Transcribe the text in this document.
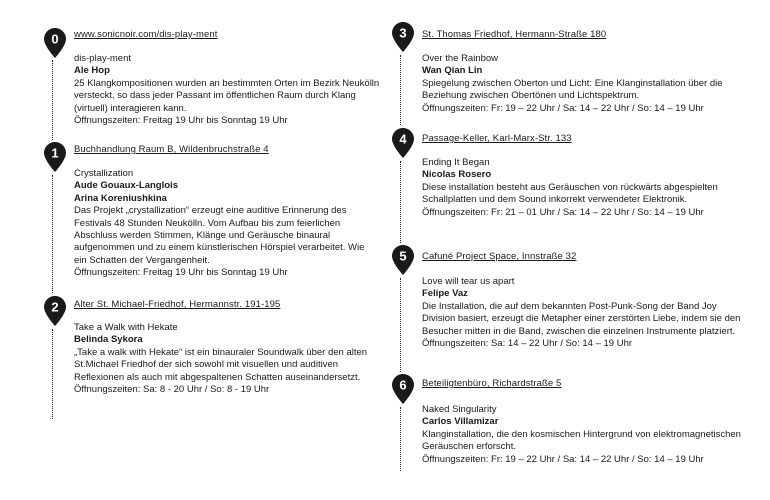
0 www.sonicnoir.com/dis-play-ment

dis-play-ment

Ale Hop

25 Klangkompositionen wurden an bestimmten Orten im Bezirk Neukölln versteckt, so dass jeder Passant im öffentlichen Raum durch Klang (virtuell) interagieren kann.

Öffnungszeiten: Freitag 19 Uhr bis Sonntag 19 Uhr

1 Buchhandlung Raum B, Wildenbruchstraße 4

Crystallization

Aude Gouaux-Langlois

Arina Koreniushkina

Das Projekt „crystallization“ erzeugt eine auditive Erinnerung des Festivals 48 Stunden Neukölln. Vom Aufbau bis zum feierlichen Abschluss werden Stimmen, Klänge und Geräusche binaural aufgenommen und zu einem künstlerischen Hörspiel verarbeitet. Wie ein Schatten der Vergangenheit.

Öffnungszeiten: Freitag 19 Uhr bis Sonntag 19 Uhr

2 Alter St. Michael-Friedhof, Hermannstr. 191-195

Take a Walk with Hekate

Belinda Sykora

„Take a walk with Hekate“ ist ein binauraler Soundwalk über den alten St.Michael Friedhof der sich sowohl mit visuellen und auditiven Reflexionen als auch mit abgespaltenen Schatten auseinandersetzt.

Öffnungszeiten: Sa: 8 - 20 Uhr / So: 8 - 19 Uhr

3 St. Thomas Friedhof, Hermann-Straße 180

Over the Rainbow

Wan Qian Lin

Spiegelung zwischen Oberton und Licht: Eine Klanginstallation über die Beziehung zwischen Obertönen und Lichtspektrum.

Öffnungszeiten: Fr: 19 – 22 Uhr / Sa: 14 – 22 Uhr / So: 14 – 19 Uhr

4 Passage-Keller, Karl-Marx-Str. 133

Ending It Began

Nicolas Rosero

Diese installation besteht aus Geräuschen von rückwärts abgespielten Schallplatten und dem Sound inkorrekt verwendeter Elektronik.

Öffnungszeiten: Fr: 21 – 01 Uhr / Sa: 14 – 22 Uhr / So: 14 – 19 Uhr

5 Cafuné Project Space, Innstraße 32

Love will tear us apart

Felipe Vaz

Die Installation, die auf dem bekannten Post-Punk-Song der Band Joy Division basiert, erzeugt die Metapher einer zerstörten Liebe, indem sie den Besucher mitten in die Band, zwischen die einzelnen Instrumente platziert.

Öffnungszeiten: Sa: 14 – 22 Uhr / So: 14 – 19 Uhr

6 Beteiligtenbüro, Richardstraße 5

Naked Singularity

Carlos Villamizar

Klanginstallation, die den kosmischen Hintergrund von elektromagnetischen Geräuschen erforscht.

Öffnungszeiten: Fr: 19 – 22 Uhr / Sa: 14 – 22 Uhr / So: 14 – 19 Uhr
